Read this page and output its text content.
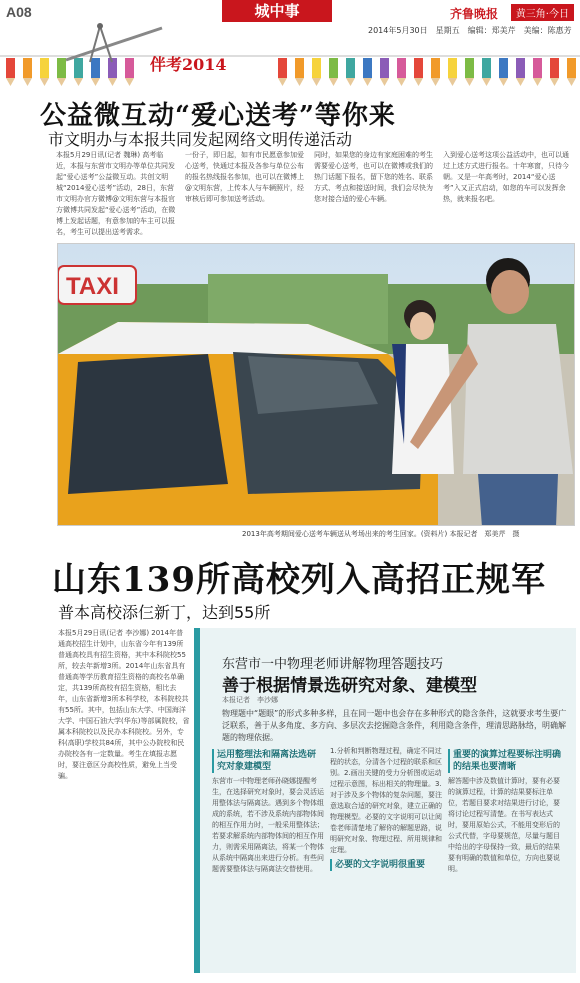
A08	城中事	齐鲁晚报	黄三角·今日
2014年5月30日　星期五　编辑：郑美芹　美编：陈惠芳
伴考2014
公益微互动“爱心送考”等你来
市文明办与本报共同发起网络文明传递活动
本报5月29日讯(记者 魏琳) 高考临近，本报与东营市文明办等单位共同发起“爱心送考”公益微互动。共创文明城“2014爱心送考”活动，28日，东营市文明办官方微博@文明东营与本报官方微博共同发起“爱心送考”活动，在微博上发起话题，有意参加的车主可以报名，考生可以提出送考需求。
一份子，即日起，如有市民愿意参加爱心送考，快通过本报及各参与单位公布的报名热线报名参加，也可以在微博上@文明东营，上传本人与车辆照片，经审核后即可参加送考活动。
同时，如果您的身边有家庭困难的考生需要爱心送考，也可以在微博或我们的热门话题下报名，留下您的姓名、联系方式、考点和接送时间，我们会尽快为您对接合适的爱心车辆。
入到爱心送考这项公益活动中，也可以通过上述方式进行报名。十年寒窗，只待今朝。又是一年高考时，2014“爱心送考”入又正式启动，如您的车可以发挥余热，就来报名吧。
TAXI
2013年高考期间爱心送考车辆送从考场出来的考生回家。(资料片) 本报记者　郑美芹　摄
山东139所高校列入高招正规军
普本高校添仨新丁，达到55所
本报5月29日讯(记者 李沙娜) 2014年普通高校招生计划中，山东省今年有139所普通高校具有招生资格，其中本科院校55所，较去年新增3所。2014年山东省具有普通高等学历教育招生资格的高校名单确定，共139所高校有招生资格，相比去年，山东省新增3所本科学校，本科院校共有55所。其中，包括山东大学、中国海洋大学、中国石油大学(华东)等部属院校，省属本科院校以及民办本科院校。另外，专科(高职)学校共84所，其中公办院校和民办院校各有一定数量。考生在填报志愿时，要注意区分高校性质，避免上当受骗。
东营市一中物理老师讲解物理答题技巧
善于根据情景选研究对象、建模型
本报记者　李沙娜
物理题中“题眼”的形式多种多样，且在同一题中也会存在多种形式的隐含条件，这就要求考生要广泛联系，善于从多角度、多方向、多层次去挖掘隐含条件，利用隐含条件，理清思路脉络，明确解题的物理依据。
运用整理法和隔离法选研究对象建模型
东营市一中物理老师孙晓娜提醒考生，在选择研究对象时，要会灵活运用整体法与隔离法。遇到多个物体组成的系统，若不涉及系统内部物体间的相互作用力时，一般采用整体法；若要求解系统内部物体间的相互作用力，则需采用隔离法，将某一个物体从系统中隔离出来进行分析。有些问题需要整体法与隔离法交替使用。
1.分析和判断物理过程，确定不同过程的状态，分清各个过程的联系和区别。2.画出关键的受力分析图或运动过程示意图，标出相关的物理量。3.对于涉及多个物体的复杂问题，要注意选取合适的研究对象，建立正确的物理模型。必要的文字说明可以让阅卷老师清楚地了解你的解题思路，说明研究对象、物理过程、所用规律和定理。
必要的文字说明很重要
重要的演算过程要标注明确的结果也要清晰
解答题中涉及数值计算时，要有必要的演算过程，计算的结果要标注单位，若题目要求对结果进行讨论，要将讨论过程写清楚。在书写表达式时，要用原始公式，不能用变形后的公式代替，字母要规范，尽量与题目中给出的字母保持一致，最后的结果要有明确的数值和单位，方向也要说明。
